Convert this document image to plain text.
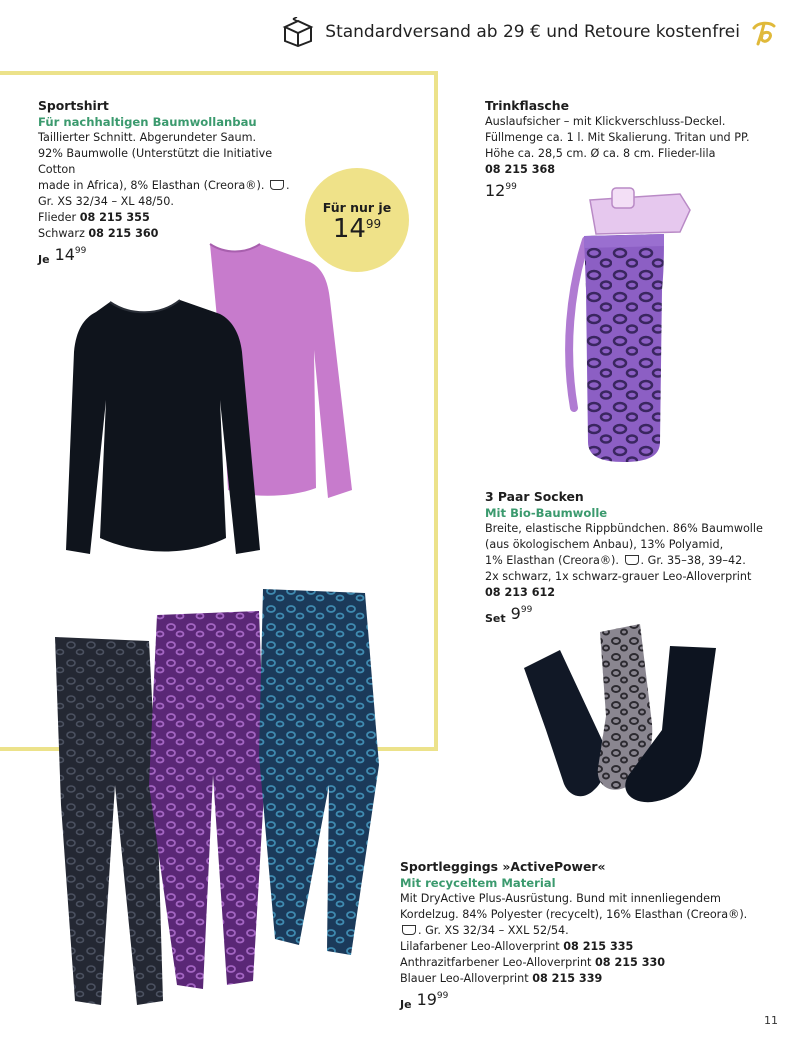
Standardversand ab 29 € und Retoure kostenfrei
Sportshirt
Für nachhaltigen Baumwollanbau
Taillierter Schnitt. Abgerundeter Saum.
92% Baumwolle (Unterstützt die Initiative Cotton
made in Africa), 8% Elasthan (Creora®). .
Gr. XS 32/34 – XL 48/50.
Flieder 08 215 355
Schwarz 08 215 360
Je 14 99
Für nur je
1499
Trinkflasche
Auslaufsicher – mit Klickverschluss-Deckel.
Füllmenge ca. 1 l. Mit Skalierung. Tritan und PP.
Höhe ca. 28,5 cm. Ø ca. 8 cm. Flieder-lila
08 215 368
12 99
3 Paar Socken
Mit Bio-Baumwolle
Breite, elastische Rippbündchen. 86% Baumwolle
(aus ökologischem Anbau), 13% Polyamid,
1% Elasthan (Creora®). . Gr. 35–38, 39–42.
2x schwarz, 1x schwarz-grauer Leo-Alloverprint
08 213 612
Set 9 99
Sportleggings »ActivePower«
Mit recyceltem Material
Mit DryActive Plus-Ausrüstung. Bund mit innenliegendem
Kordelzug. 84% Polyester (recycelt), 16% Elasthan (Creora®).
. Gr. XS 32/34 – XXL 52/54.
Lilafarbener Leo-Alloverprint 08 215 335
Anthrazitfarbener Leo-Alloverprint 08 215 330
Blauer Leo-Alloverprint 08 215 339
Je 19 99
11
